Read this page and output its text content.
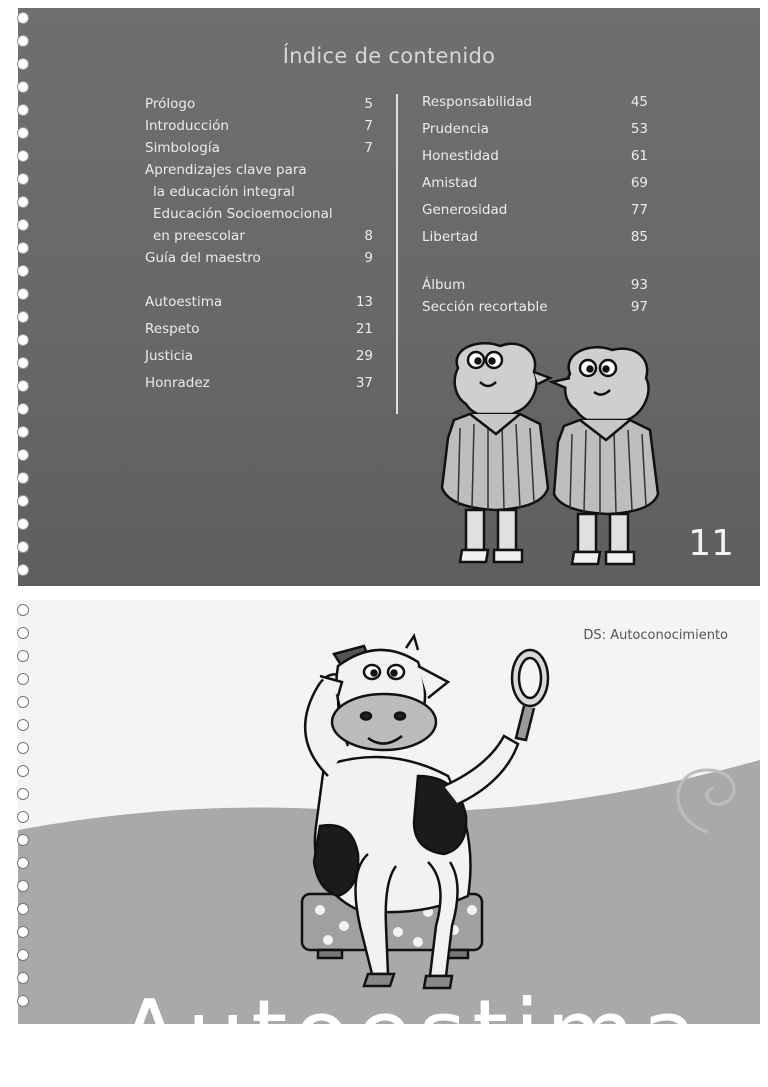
Índice de contenido
Prólogo	5
Introducción	7
Simbología	7
Aprendizajes clave para
la educación integral
Educación Socioemocional
en preescolar	8
Guía del maestro	9
Autoestima	13
Respeto	21
Justicia	29
Honradez	37
Responsabilidad	45
Prudencia	53
Honestidad	61
Amistad	69
Generosidad	77
Libertad	85
Álbum	93
Sección recortable	97
11
DS: Autoconocimiento
Autoestima
